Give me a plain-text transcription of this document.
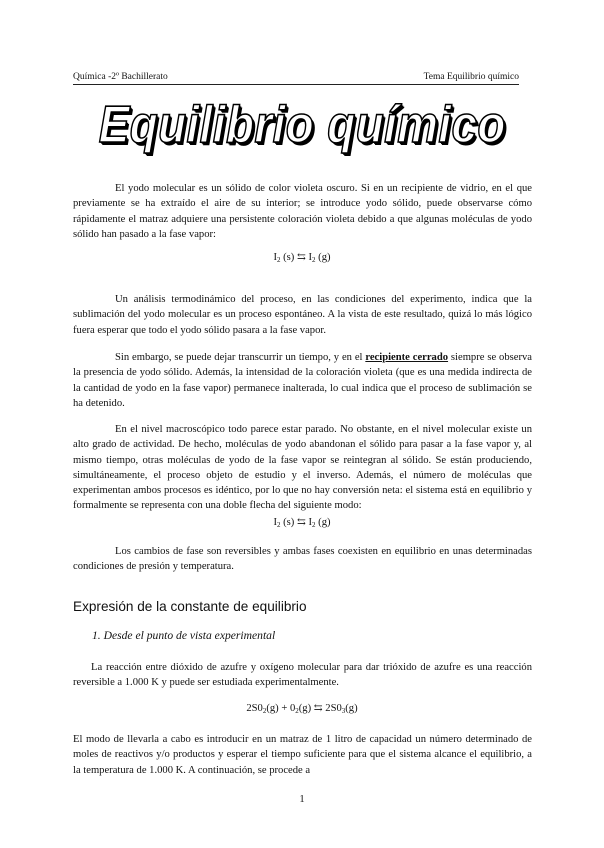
Química -2º Bachillerato	Tema Equilibrio químico
Equilibrio químico

El yodo molecular es un sólido de color violeta oscuro. Si en un recipiente de vidrio, en el que previamente se ha extraído el aire de su interior; se introduce yodo sólido, puede observarse cómo rápidamente el matraz adquiere una persistente coloración violeta debido a que algunas moléculas de yodo sólido han pasado a la fase vapor:

$I_2$ (s) ⇆ $I_2$ (g)

Un análisis termodinámico del proceso, en las condiciones del experimento, indica que la sublimación del yodo molecular es un proceso espontáneo. A la vista de este resultado, quizá lo más lógico fuera esperar que todo el yodo sólido pasara a la fase vapor.

Sin embargo, se puede dejar transcurrir un tiempo, y en el recipiente cerrado siempre se observa la presencia de yodo sólido. Además, la intensidad de la coloración violeta (que es una medida indirecta de la cantidad de yodo en la fase vapor) permanece inalterada, lo cual indica que el proceso de sublimación se ha detenido.

En el nivel macroscópico todo parece estar parado. No obstante, en el nivel molecular existe un alto grado de actividad. De hecho, moléculas de yodo abandonan el sólido para pasar a la fase vapor y, al mismo tiempo, otras moléculas de yodo de la fase vapor se reintegran al sólido. Se están produciendo, simultáneamente, el proceso objeto de estudio y el inverso. Además, el número de moléculas que experimentan ambos procesos es idéntico, por lo que no hay conversión neta: el sistema está en equilibrio y formalmente se representa con una doble flecha del siguiente modo:

$I_2$ (s) ⇆ $I_2$ (g)

Los cambios de fase son reversibles y ambas fases coexisten en equilibrio en unas determinadas condiciones de presión y temperatura.

Expresión de la constante de equilibrio
1. Desde el punto de vista experimental

La reacción entre dióxido de azufre y oxígeno molecular para dar trióxido de azufre es una reacción reversible a 1.000 K y puede ser estudiada experimentalmente.

$2S0_2(g) + 0_2(g)$ ⇆ $2S0_3(g)$

El modo de llevarla a cabo es introducir en un matraz de 1 litro de capacidad un número determinado de moles de reactivos y/o productos y esperar el tiempo suficiente para que el sistema alcance el equilibrio, a la temperatura de 1.000 K. A continuación, se procede a

1
